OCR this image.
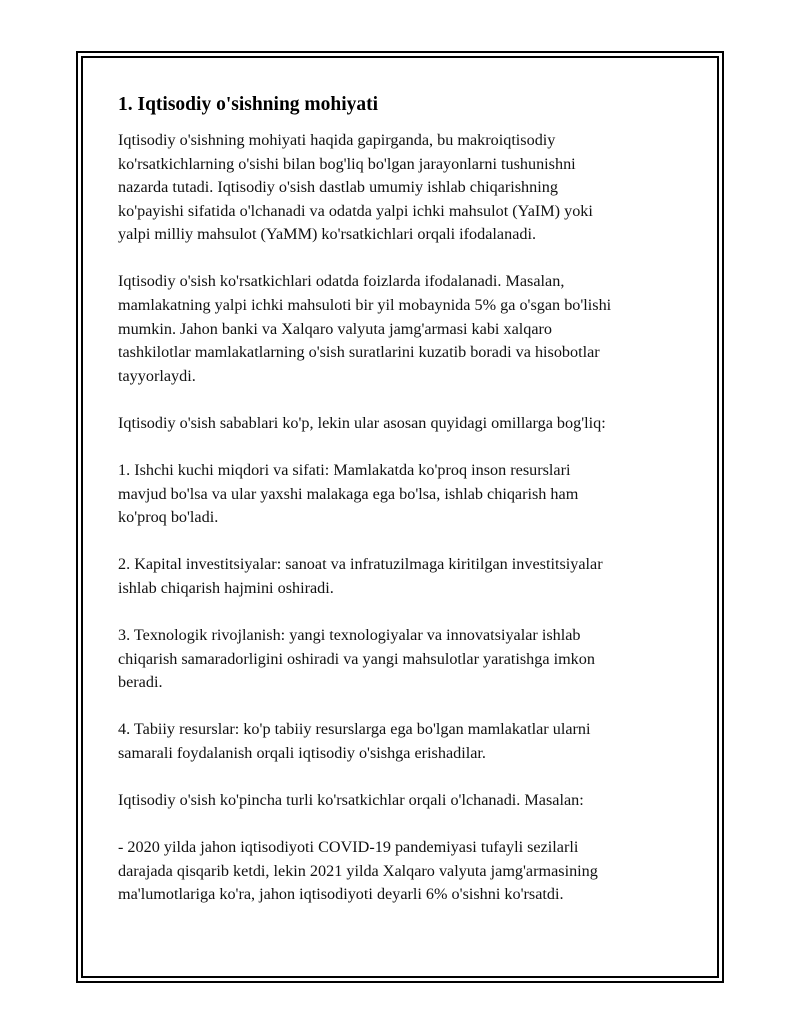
1. Iqtisodiy o'sishning mohiyati

Iqtisodiy o'sishning mohiyati haqida gapirganda, bu makroiqtisodiy
ko'rsatkichlarning o'sishi bilan bog'liq bo'lgan jarayonlarni tushunishni
nazarda tutadi. Iqtisodiy o'sish dastlab umumiy ishlab chiqarishning
ko'payishi sifatida o'lchanadi va odatda yalpi ichki mahsulot (YaIM) yoki
yalpi milliy mahsulot (YaMM) ko'rsatkichlari orqali ifodalanadi.

Iqtisodiy o'sish ko'rsatkichlari odatda foizlarda ifodalanadi. Masalan,
mamlakatning yalpi ichki mahsuloti bir yil mobaynida 5% ga o'sgan bo'lishi
mumkin. Jahon banki va Xalqaro valyuta jamg'armasi kabi xalqaro
tashkilotlar mamlakatlarning o'sish suratlarini kuzatib boradi va hisobotlar
tayyorlaydi.

Iqtisodiy o'sish sabablari ko'p, lekin ular asosan quyidagi omillarga bog'liq:

1. Ishchi kuchi miqdori va sifati: Mamlakatda ko'proq inson resurslari
mavjud bo'lsa va ular yaxshi malakaga ega bo'lsa, ishlab chiqarish ham
ko'proq bo'ladi.

2. Kapital investitsiyalar: sanoat va infratuzilmaga kiritilgan investitsiyalar
ishlab chiqarish hajmini oshiradi.

3. Texnologik rivojlanish: yangi texnologiyalar va innovatsiyalar ishlab
chiqarish samaradorligini oshiradi va yangi mahsulotlar yaratishga imkon
beradi.

4. Tabiiy resurslar: ko'p tabiiy resurslarga ega bo'lgan mamlakatlar ularni
samarali foydalanish orqali iqtisodiy o'sishga erishadilar.

Iqtisodiy o'sish ko'pincha turli ko'rsatkichlar orqali o'lchanadi. Masalan:

- 2020 yilda jahon iqtisodiyoti COVID-19 pandemiyasi tufayli sezilarli
darajada qisqarib ketdi, lekin 2021 yilda Xalqaro valyuta jamg'armasining
ma'lumotlariga ko'ra, jahon iqtisodiyoti deyarli 6% o'sishni ko'rsatdi.
